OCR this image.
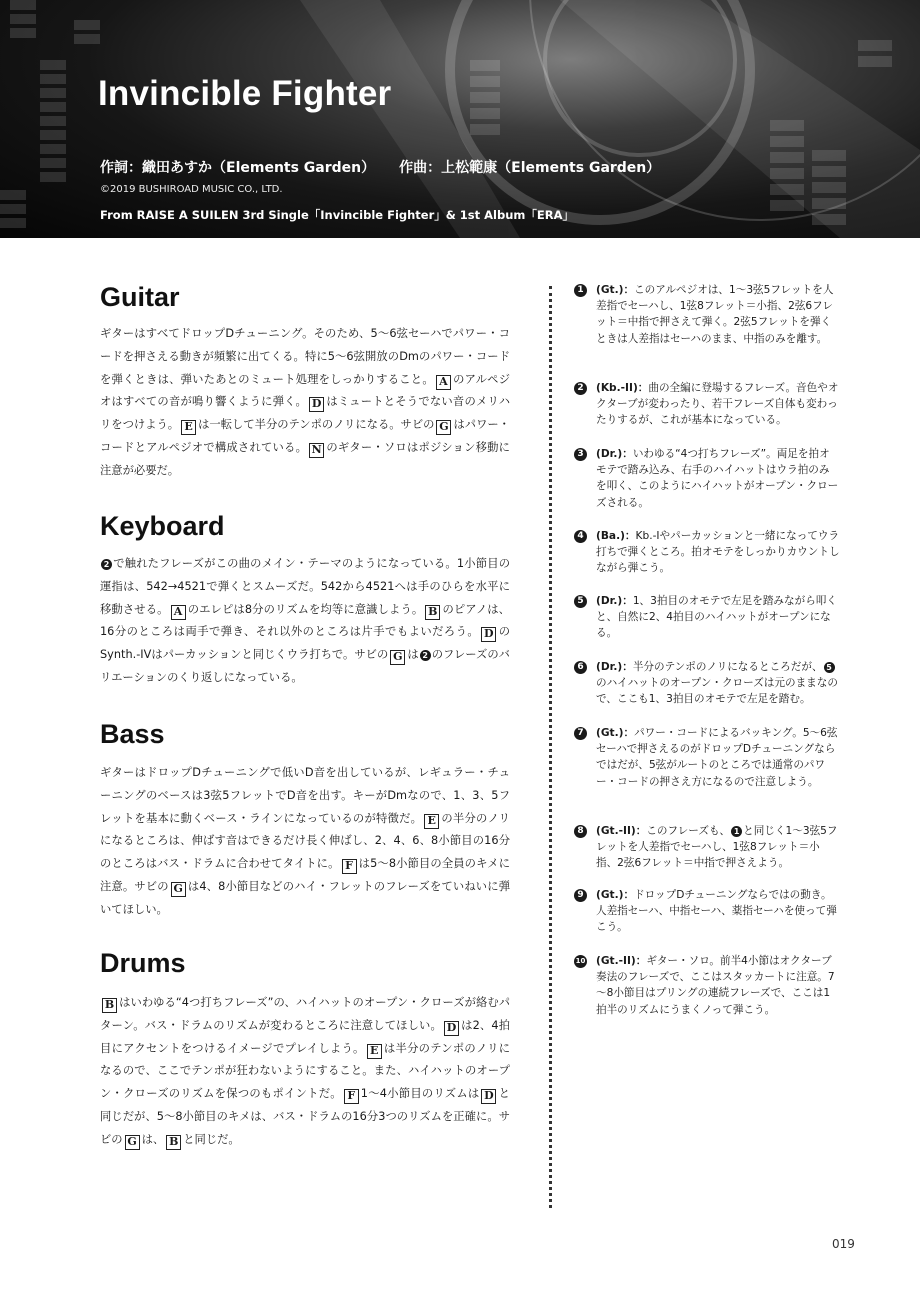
Invincible Fighter
作詞：織田あすか（Elements Garden） 作曲：上松範康（Elements Garden）
©2019 BUSHIROAD MUSIC CO., LTD.
From RAISE A SUILEN 3rd Single「Invincible Fighter」& 1st Album「ERA」
Guitar

ギターはすべてドロップDチューニング。そのため、5～6弦セーハでパワー・コードを押さえる動きが頻繁に出てくる。特に5～6弦開放のDmのパワー・コードを弾くときは、弾いたあとのミュート処理をしっかりすること。 A のアルペジオはすべての音が鳴り響くように弾く。 D はミュートとそうでない音のメリハリをつけよう。 E は一転して半分のテンポのノリになる。サビの G はパワー・コードとアルペジオで構成されている。 N のギター・ソロはポジション移動に注意が必要だ。

Keyboard

2 で触れたフレーズがこの曲のメイン・テーマのようになっている。1小節目の運指は、542→4521で弾くとスムーズだ。542から4521へは手のひらを水平に移動させる。 A のエレピは8分のリズムを均等に意識しよう。 B のピアノは、16分のところは両手で弾き、それ以外のところは片手でもよいだろう。 D のSynth.-IVはパーカッションと同じくウラ打ちで。サビの G は 2 のフレーズのバリエーションのくり返しになっている。

Bass

ギターはドロップDチューニングで低いD音を出しているが、レギュラー・チューニングのベースは3弦5フレットでD音を出す。キーがDmなので、1、3、5フレットを基本に動くベース・ラインになっているのが特徴だ。 E の半分のノリになるところは、伸ばす音はできるだけ長く伸ばし、2、4、6、8小節目の16分のところはバス・ドラムに合わせてタイトに。 F は5～8小節目の全員のキメに注意。サビの G は4、8小節目などのハイ・フレットのフレーズをていねいに弾いてほしい。

Drums

B はいわゆる“4つ打ちフレーズ”の、ハイハットのオープン・クローズが絡むパターン。バス・ドラムのリズムが変わるところに注意してほしい。 D は2、4拍目にアクセントをつけるイメージでプレイしよう。 E は半分のテンポのノリになるので、ここでテンポが狂わないようにすること。また、ハイハットのオープン・クローズのリズムを保つのもポイントだ。 F 1～4小節目のリズムは D と同じだが、5～8小節目のキメは、バス・ドラムの16分3つのリズムを正確に。サビの G は、 B と同じだ。

1	(Gt.)：このアルペジオは、1～3弦5フレットを人差指でセーハし、1弦8フレット＝小指、2弦6フレット＝中指で押さえて弾く。2弦5フレットを弾くときは人差指はセーハのまま、中指のみを離す。

2	(Kb.-II)：曲の全編に登場するフレーズ。音色やオクターブが変わったり、若干フレーズ自体も変わったりするが、これが基本になっている。

3	(Dr.)：いわゆる“4つ打ちフレーズ”。両足を拍オモテで踏み込み、右手のハイハットはウラ拍のみを叩く、このようにハイハットがオープン・クローズされる。

4	(Ba.)：Kb.-Iやパーカッションと一緒になってウラ打ちで弾くところ。拍オモテをしっかりカウントしながら弾こう。

5	(Dr.)：1、3拍目のオモテで左足を踏みながら叩くと、自然に2、4拍目のハイハットがオープンになる。

6	(Dr.)：半分のテンポのノリになるところだが、 5のハイハットのオープン・クローズは元のままなので、ここも1、3拍目のオモテで左足を踏む。

7	(Gt.)：パワー・コードによるバッキング。5～6弦セーハで押さえるのがドロップDチューニングならではだが、5弦がルートのところでは通常のパワー・コードの押さえ方になるので注意しよう。

8	(Gt.-II)：このフレーズも、 1 と同じく1～3弦5フレットを人差指でセーハし、1弦8フレット＝小指、2弦6フレット＝中指で押さえよう。

9	(Gt.)：ドロップDチューニングならではの動き。人差指セーハ、中指セーハ、薬指セーハを使って弾こう。

10 (Gt.-II)：ギター・ソロ。前半4小節はオクターブ奏法のフレーズで、ここはスタッカートに注意。7～8小節目はプリングの連続フレーズで、ここは1拍半のリズムにうまくノって弾こう。

019
